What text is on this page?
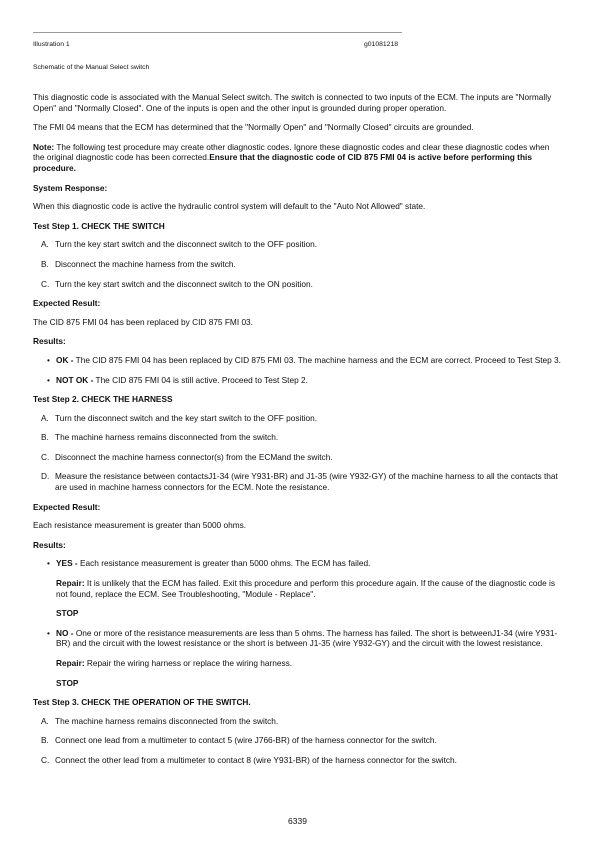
Illustration 1	g01081218
Schematic of the Manual Select switch

This diagnostic code is associated with the Manual Select switch. The switch is connected to two inputs of the ECM. The inputs are "Normally Open" and "Normally Closed". One of the inputs is open and the other input is grounded during proper operation.

The FMI 04 means that the ECM has determined that the "Normally Open" and "Normally Closed" circuits are grounded.

Note: The following test procedure may create other diagnostic codes. Ignore these diagnostic codes and clear these diagnostic codes when the original diagnostic code has been corrected.Ensure that the diagnostic code of CID 875 FMI 04 is active before performing this procedure.

System Response:

When this diagnostic code is active the hydraulic control system will default to the "Auto Not Allowed" state.

Test Step 1. CHECK THE SWITCH
A. Turn the key start switch and the disconnect switch to the OFF position.
B. Disconnect the machine harness from the switch.
C. Turn the key start switch and the disconnect switch to the ON position.
Expected Result:

The CID 875 FMI 04 has been replaced by CID 875 FMI 03.

Results:
• OK - The CID 875 FMI 04 has been replaced by CID 875 FMI 03. The machine harness and the ECM are correct. Proceed to Test Step 3.
• NOT OK - The CID 875 FMI 04 is still active. Proceed to Test Step 2.
Test Step 2. CHECK THE HARNESS
A. Turn the disconnect switch and the key start switch to the OFF position.
B. The machine harness remains disconnected from the switch.
C. Disconnect the machine harness connector(s) from the ECMand the switch.
D. Measure the resistance between contactsJ1-34 (wire Y931-BR) and J1-35 (wire Y932-GY) of the machine harness to all the contacts that are used in machine harness connectors for the ECM. Note the resistance.
Expected Result:

Each resistance measurement is greater than 5000 ohms.

Results:
• YES - Each resistance measurement is greater than 5000 ohms. The ECM has failed.
Repair: It is unlikely that the ECM has failed. Exit this procedure and perform this procedure again. If the cause of the diagnostic code is not found, replace the ECM. See Troubleshooting, "Module - Replace".
STOP
• NO - One or more of the resistance measurements are less than 5 ohms. The harness has failed. The short is betweenJ1-34 (wire Y931-BR) and the circuit with the lowest resistance or the short is between J1-35 (wire Y932-GY) and the circuit with the lowest resistance.
Repair: Repair the wiring harness or replace the wiring harness.
STOP
Test Step 3. CHECK THE OPERATION OF THE SWITCH.
A. The machine harness remains disconnected from the switch.
B. Connect one lead from a multimeter to contact 5 (wire J766-BR) of the harness connector for the switch.
C. Connect the other lead from a multimeter to contact 8 (wire Y931-BR) of the harness connector for the switch.
6339
